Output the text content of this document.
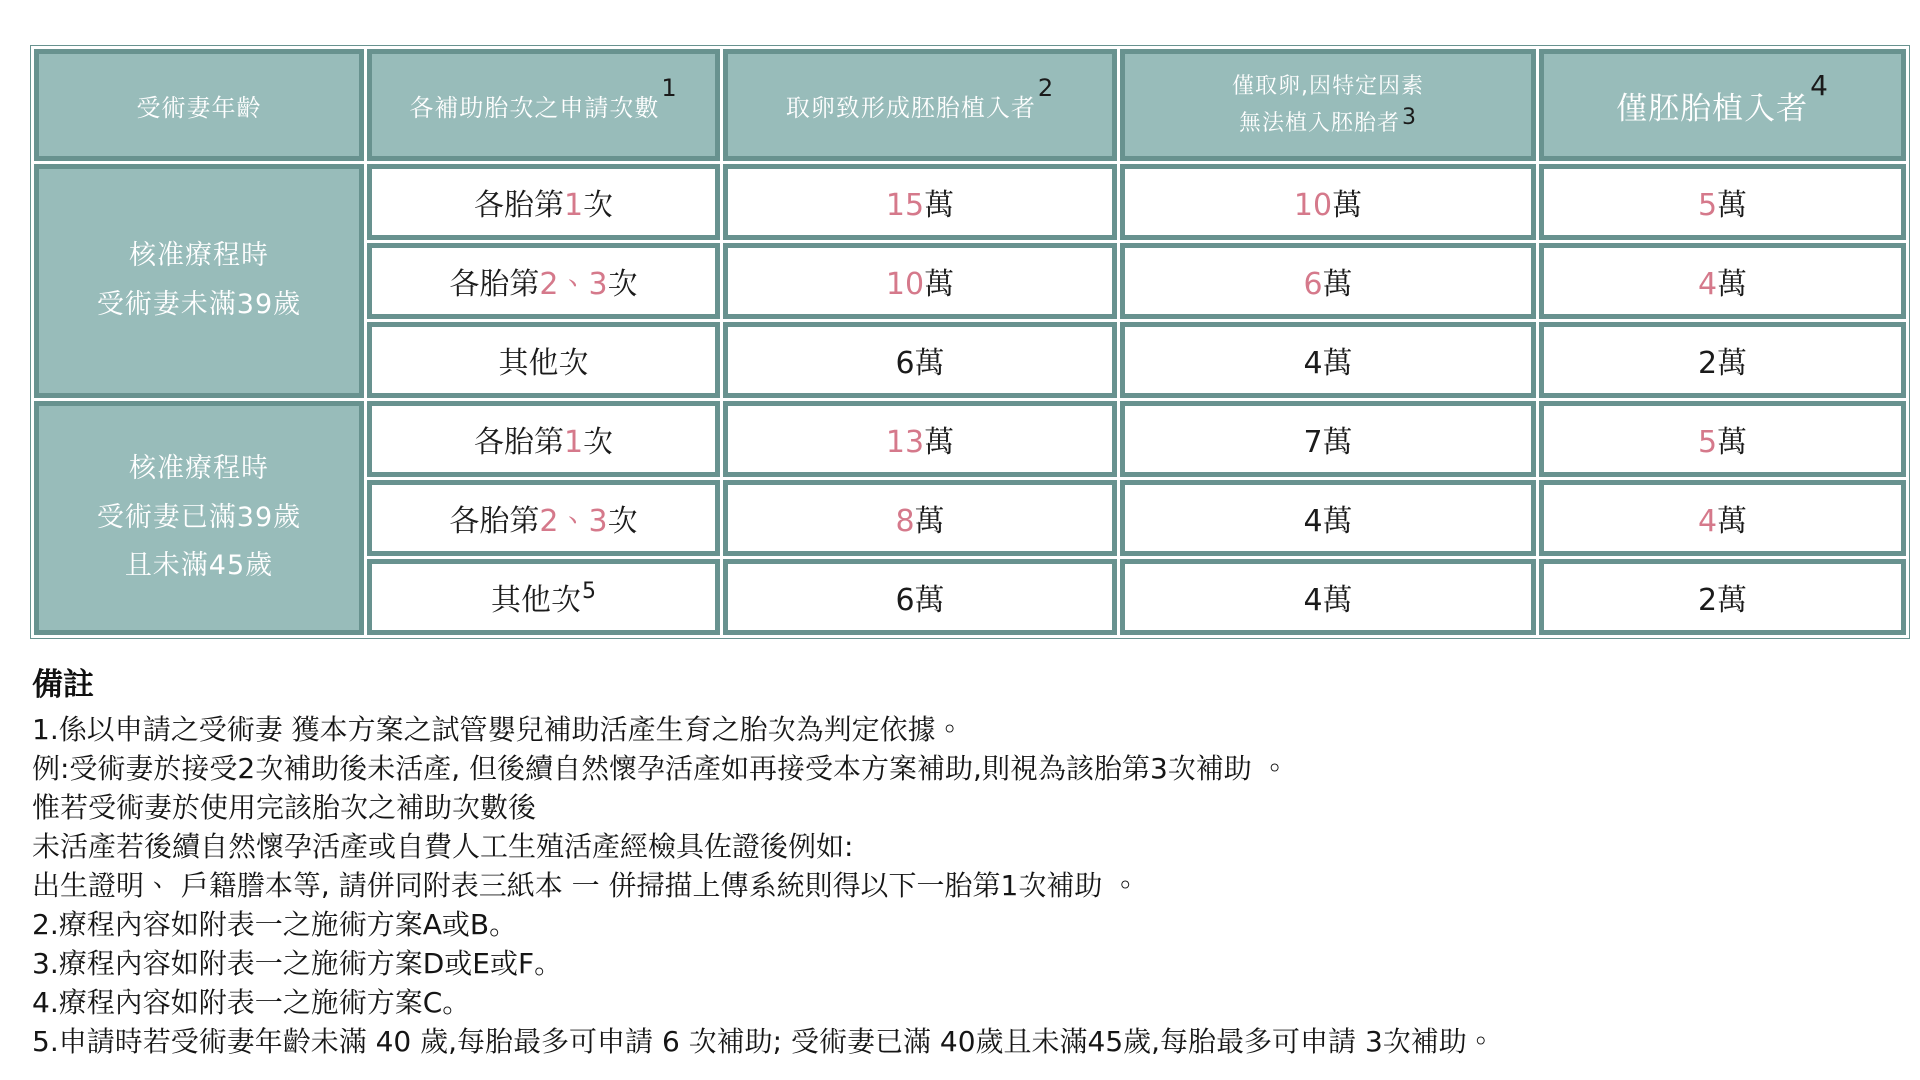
受術妻年齡	各補助胎次之申請次數1	取卵致形成胚胎植入者2	僅取卵,因特定因素
無法植入胚胎者3	僅胚胎植入者4

核准療程時
受術妻未滿39歲	各胎第1次	15萬	10萬	5萬
	各胎第2、3次	10萬	6萬	4萬
	其他次	6萬	4萬	2萬

核准療程時
受術妻已滿39歲
且未滿45歲	各胎第1次	13萬	7萬	5萬
	各胎第2、3次	8萬	4萬	4萬
	其他次$^5$	6萬	4萬	2萬

備註

1.係以申請之受術妻 獲本方案之試管嬰兒補助活產生育之胎次為判定依據。

例:受術妻於接受2次補助後未活產, 但後續自然懷孕活產如再接受本方案補助,則視為該胎第3次補助 。

惟若受術妻於使用完該胎次之補助次數後

未活產若後續自然懷孕活產或自費人工生殖活產經檢具佐證後例如:

出生證明、 戶籍謄本等, 請併同附表三紙本 一 併掃描上傳系統則得以下一胎第1次補助 。

2.療程內容如附表一之施術方案A或B。

3.療程內容如附表一之施術方案D或E或F。

4.療程內容如附表一之施術方案C。

5.申請時若受術妻年齡未滿 40 歲,每胎最多可申請 6 次補助; 受術妻已滿 40歲且未滿45歲,每胎最多可申請 3次補助。
